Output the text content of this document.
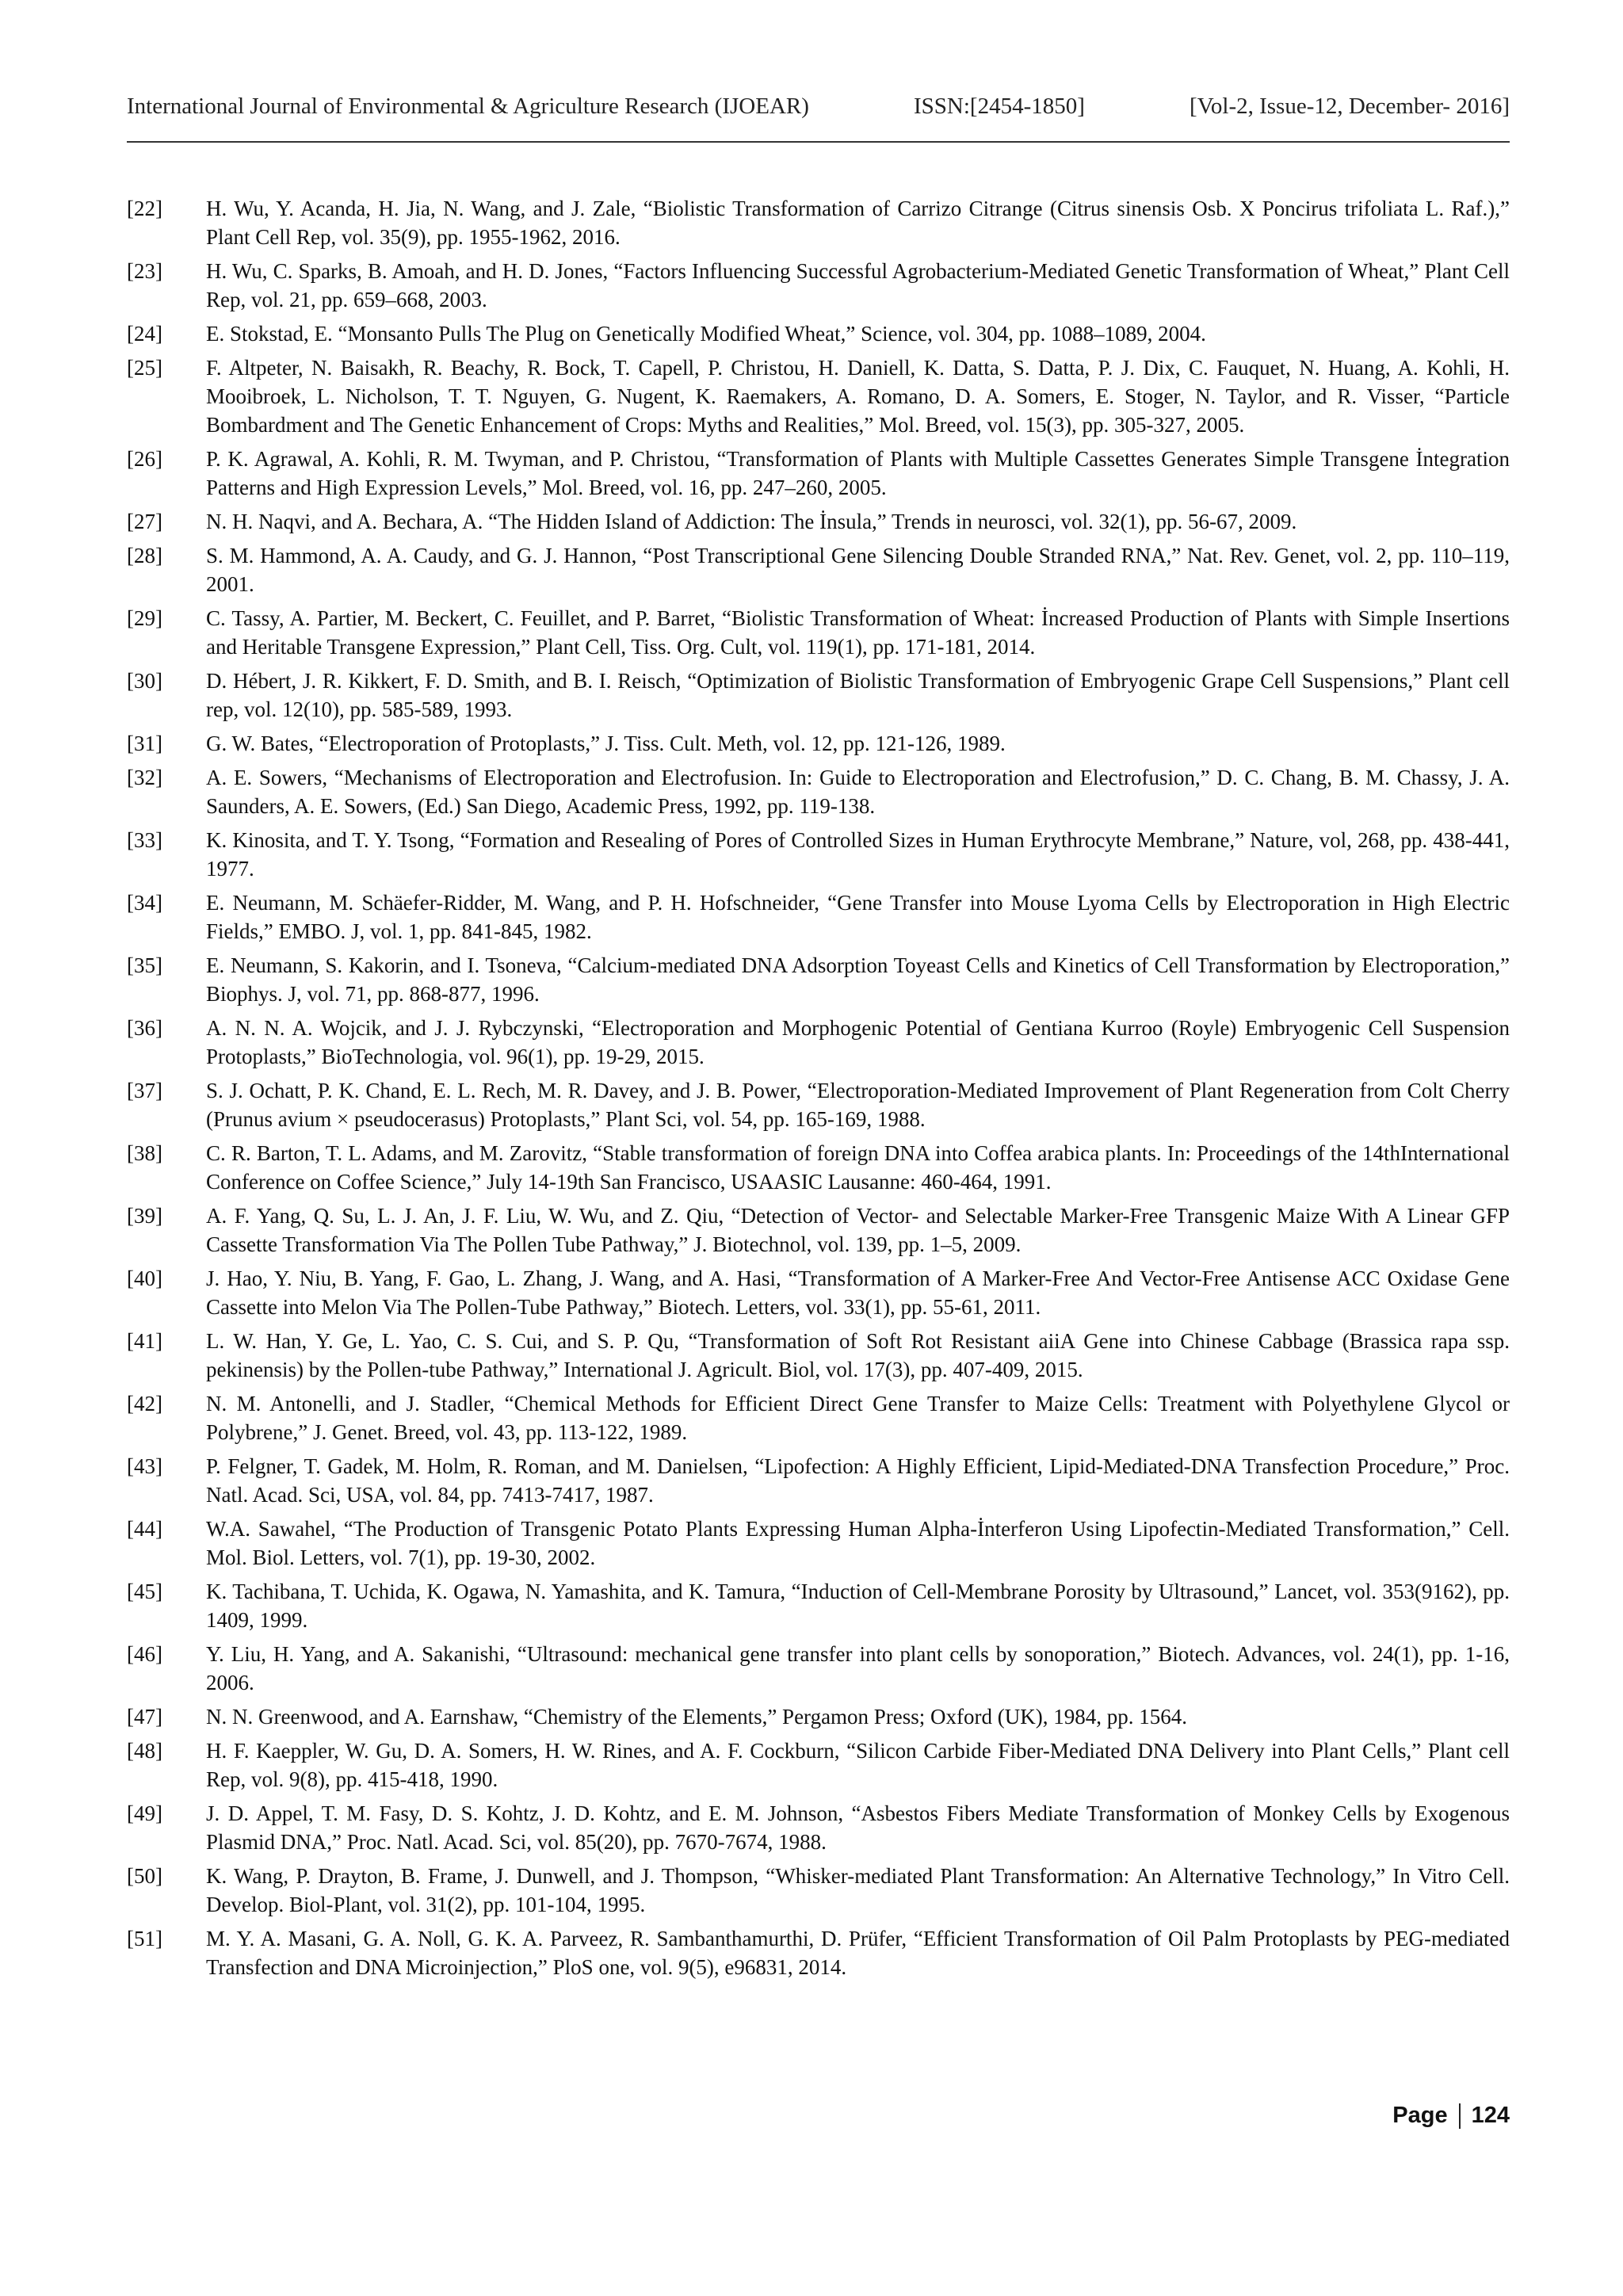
International Journal of Environmental & Agriculture Research (IJOEAR)	ISSN:[2454-1850]	[Vol-2, Issue-12, December- 2016]
[22]	H. Wu, Y. Acanda, H. Jia, N. Wang, and J. Zale, “Biolistic Transformation of Carrizo Citrange (Citrus sinensis Osb. X Poncirus trifoliata L. Raf.),” Plant Cell Rep, vol. 35(9), pp. 1955-1962, 2016.
[23]	H. Wu, C. Sparks, B. Amoah, and H. D. Jones, “Factors Influencing Successful Agrobacterium-Mediated Genetic Transformation of Wheat,” Plant Cell Rep, vol. 21, pp. 659–668, 2003.
[24]	E. Stokstad, E. “Monsanto Pulls The Plug on Genetically Modified Wheat,” Science, vol. 304, pp. 1088–1089, 2004.
[25]	F. Altpeter, N. Baisakh, R. Beachy, R. Bock, T. Capell, P. Christou, H. Daniell, K. Datta, S. Datta, P. J. Dix, C. Fauquet, N. Huang, A. Kohli, H. Mooibroek, L. Nicholson, T. T. Nguyen, G. Nugent, K. Raemakers, A. Romano, D. A. Somers, E. Stoger, N. Taylor, and R. Visser, “Particle Bombardment and The Genetic Enhancement of Crops: Myths and Realities,” Mol. Breed, vol. 15(3), pp. 305-327, 2005.
[26]	P. K. Agrawal, A. Kohli, R. M. Twyman, and P. Christou, “Transformation of Plants with Multiple Cassettes Generates Simple Transgene İntegration Patterns and High Expression Levels,” Mol. Breed, vol. 16, pp. 247–260, 2005.
[27]	N. H. Naqvi, and A. Bechara, A. “The Hidden Island of Addiction: The İnsula,” Trends in neurosci, vol. 32(1), pp. 56-67, 2009.
[28]	S. M. Hammond, A. A. Caudy, and G. J. Hannon, “Post Transcriptional Gene Silencing Double Stranded RNA,” Nat. Rev. Genet, vol. 2, pp. 110–119, 2001.
[29]	C. Tassy, A. Partier, M. Beckert, C. Feuillet, and P. Barret, “Biolistic Transformation of Wheat: İncreased Production of Plants with Simple Insertions and Heritable Transgene Expression,” Plant Cell, Tiss. Org. Cult, vol. 119(1), pp. 171-181, 2014.
[30]	D. Hébert, J. R. Kikkert, F. D. Smith, and B. I. Reisch, “Optimization of Biolistic Transformation of Embryogenic Grape Cell Suspensions,” Plant cell rep, vol. 12(10), pp. 585-589, 1993.
[31]	G. W. Bates, “Electroporation of Protoplasts,” J. Tiss. Cult. Meth, vol. 12, pp. 121-126, 1989.
[32]	A. E. Sowers, “Mechanisms of Electroporation and Electrofusion. In: Guide to Electroporation and Electrofusion,” D. C. Chang, B. M. Chassy, J. A. Saunders, A. E. Sowers, (Ed.) San Diego, Academic Press, 1992, pp. 119-138.
[33]	K. Kinosita, and T. Y. Tsong, “Formation and Resealing of Pores of Controlled Sizes in Human Erythrocyte Membrane,” Nature, vol, 268, pp. 438-441, 1977.
[34]	E. Neumann, M. Schäefer-Ridder, M. Wang, and P. H. Hofschneider, “Gene Transfer into Mouse Lyoma Cells by Electroporation in High Electric Fields,” EMBO. J, vol. 1, pp. 841-845, 1982.
[35]	E. Neumann, S. Kakorin, and I. Tsoneva, “Calcium-mediated DNA Adsorption Toyeast Cells and Kinetics of Cell Transformation by Electroporation,” Biophys. J, vol. 71, pp. 868-877, 1996.
[36]	A. N. N. A. Wojcik, and J. J. Rybczynski, “Electroporation and Morphogenic Potential of Gentiana Kurroo (Royle) Embryogenic Cell Suspension Protoplasts,” BioTechnologia, vol. 96(1), pp. 19-29, 2015.
[37]	S. J. Ochatt, P. K. Chand, E. L. Rech, M. R. Davey, and J. B. Power, “Electroporation-Mediated Improvement of Plant Regeneration from Colt Cherry (Prunus avium × pseudocerasus) Protoplasts,” Plant Sci, vol. 54, pp. 165-169, 1988.
[38]	C. R. Barton, T. L. Adams, and M. Zarovitz, “Stable transformation of foreign DNA into Coffea arabica plants. In: Proceedings of the 14thInternational Conference on Coffee Science,” July 14-19th San Francisco, USAASIC Lausanne: 460-464, 1991.
[39]	A. F. Yang, Q. Su, L. J. An, J. F. Liu, W. Wu, and Z. Qiu, “Detection of Vector- and Selectable Marker-Free Transgenic Maize With A Linear GFP Cassette Transformation Via The Pollen Tube Pathway,” J. Biotechnol, vol. 139, pp. 1–5, 2009.
[40]	J. Hao, Y. Niu, B. Yang, F. Gao, L. Zhang, J. Wang, and A. Hasi, “Transformation of A Marker-Free And Vector-Free Antisense ACC Oxidase Gene Cassette into Melon Via The Pollen-Tube Pathway,” Biotech. Letters, vol. 33(1), pp. 55-61, 2011.
[41]	L. W. Han, Y. Ge, L. Yao, C. S. Cui, and S. P. Qu, “Transformation of Soft Rot Resistant aiiA Gene into Chinese Cabbage (Brassica rapa ssp. pekinensis) by the Pollen-tube Pathway,” International J. Agricult. Biol, vol. 17(3), pp. 407-409, 2015.
[42]	N. M. Antonelli, and J. Stadler, “Chemical Methods for Efficient Direct Gene Transfer to Maize Cells: Treatment with Polyethylene Glycol or Polybrene,” J. Genet. Breed, vol. 43, pp. 113-122, 1989.
[43]	P. Felgner, T. Gadek, M. Holm, R. Roman, and M. Danielsen, “Lipofection: A Highly Efficient, Lipid-Mediated-DNA Transfection Procedure,” Proc. Natl. Acad. Sci, USA, vol. 84, pp. 7413-7417, 1987.
[44]	W.A. Sawahel, “The Production of Transgenic Potato Plants Expressing Human Alpha-İnterferon Using Lipofectin-Mediated Transformation,” Cell. Mol. Biol. Letters, vol. 7(1), pp. 19-30, 2002.
[45]	K. Tachibana, T. Uchida, K. Ogawa, N. Yamashita, and K. Tamura, “Induction of Cell-Membrane Porosity by Ultrasound,” Lancet, vol. 353(9162), pp. 1409, 1999.
[46]	Y. Liu, H. Yang, and A. Sakanishi, “Ultrasound: mechanical gene transfer into plant cells by sonoporation,” Biotech. Advances, vol. 24(1), pp. 1-16, 2006.
[47]	N. N. Greenwood, and A. Earnshaw, “Chemistry of the Elements,” Pergamon Press; Oxford (UK), 1984, pp. 1564.
[48]	H. F. Kaeppler, W. Gu, D. A. Somers, H. W. Rines, and A. F. Cockburn, “Silicon Carbide Fiber-Mediated DNA Delivery into Plant Cells,” Plant cell Rep, vol. 9(8), pp. 415-418, 1990.
[49]	J. D. Appel, T. M. Fasy, D. S. Kohtz, J. D. Kohtz, and E. M. Johnson, “Asbestos Fibers Mediate Transformation of Monkey Cells by Exogenous Plasmid DNA,” Proc. Natl. Acad. Sci, vol. 85(20), pp. 7670-7674, 1988.
[50]	K. Wang, P. Drayton, B. Frame, J. Dunwell, and J. Thompson, “Whisker-mediated Plant Transformation: An Alternative Technology,” In Vitro Cell. Develop. Biol-Plant, vol. 31(2), pp. 101-104, 1995.
[51]	M. Y. A. Masani, G. A. Noll, G. K. A. Parveez, R. Sambanthamurthi, D. Prüfer, “Efficient Transformation of Oil Palm Protoplasts by PEG-mediated Transfection and DNA Microinjection,” PloS one, vol. 9(5), e96831, 2014.
Page 124
